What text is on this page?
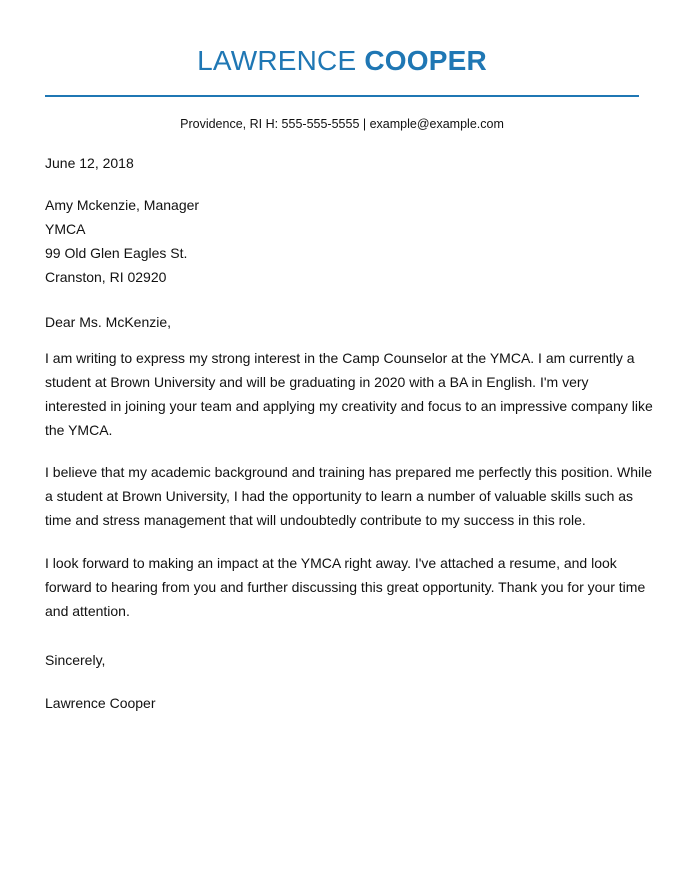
LAWRENCE COOPER
Providence, RI H: 555-555-5555 | example@example.com
June 12, 2018
Amy Mckenzie, Manager
YMCA
99 Old Glen Eagles St.
Cranston, RI 02920
Dear Ms. McKenzie,
I am writing to express my strong interest in the Camp Counselor at the YMCA. I am currently a
student at Brown University and will be graduating in 2020 with a BA in English. I'm very
interested in joining your team and applying my creativity and focus to an impressive company like
the YMCA.
I believe that my academic background and training has prepared me perfectly this position. While
a student at Brown University, I had the opportunity to learn a number of valuable skills such as
time and stress management that will undoubtedly contribute to my success in this role.
I look forward to making an impact at the YMCA right away. I've attached a resume, and look
forward to hearing from you and further discussing this great opportunity. Thank you for your time
and attention.
Sincerely,
Lawrence Cooper
